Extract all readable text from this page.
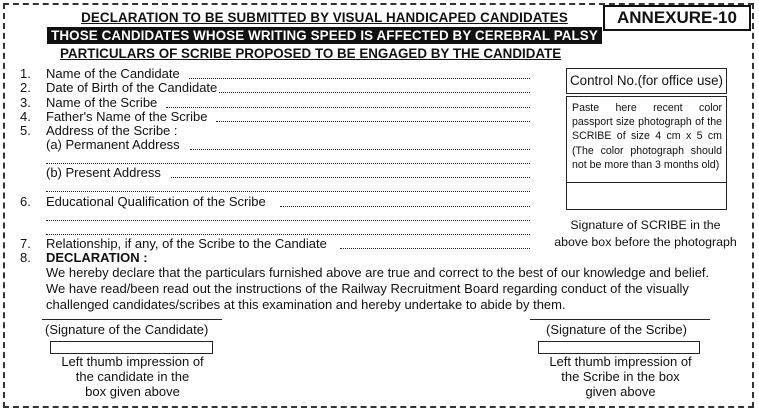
DECLARATION TO BE SUBMITTED BY VISUAL HANDICAPED CANDIDATES
THOSE CANDIDATES WHOSE WRITING SPEED IS AFFECTED BY CEREBRAL PALSY
ANNEXURE-10
PARTICULARS OF SCRIBE PROPOSED TO BE ENGAGED BY THE CANDIDATE
1. Name of the Candidate
2. Date of Birth of the Candidate
3. Name of the Scribe
4. Father's Name of the Scribe
5. Address of the Scribe :
(a) Permanent Address
(b) Present Address
6. Educational Qualification of the Scribe
7. Relationship, if any, of the Scribe to the Candiate
8. DECLARATION :
Control No.(for office use)
Paste here recent color passport size photograph of the SCRIBE of size 4 cm x 5 cm (The color photograph should not be more than 3 months old)
Signature of SCRIBE in the
above box before the photograph
We hereby declare that the particulars furnished above are true and correct to the best of our knowledge and belief.
We have read/been read out the instructions of the Railway Recruitment Board regarding conduct of the visually
challenged candidates/scribes at this examination and hereby undertake to abide by them.
(Signature of the Candidate)	(Signature of the Scribe)
Left thumb impression of
the candidate in the
box given above
Left thumb impression of
the Scribe in the box
given above
